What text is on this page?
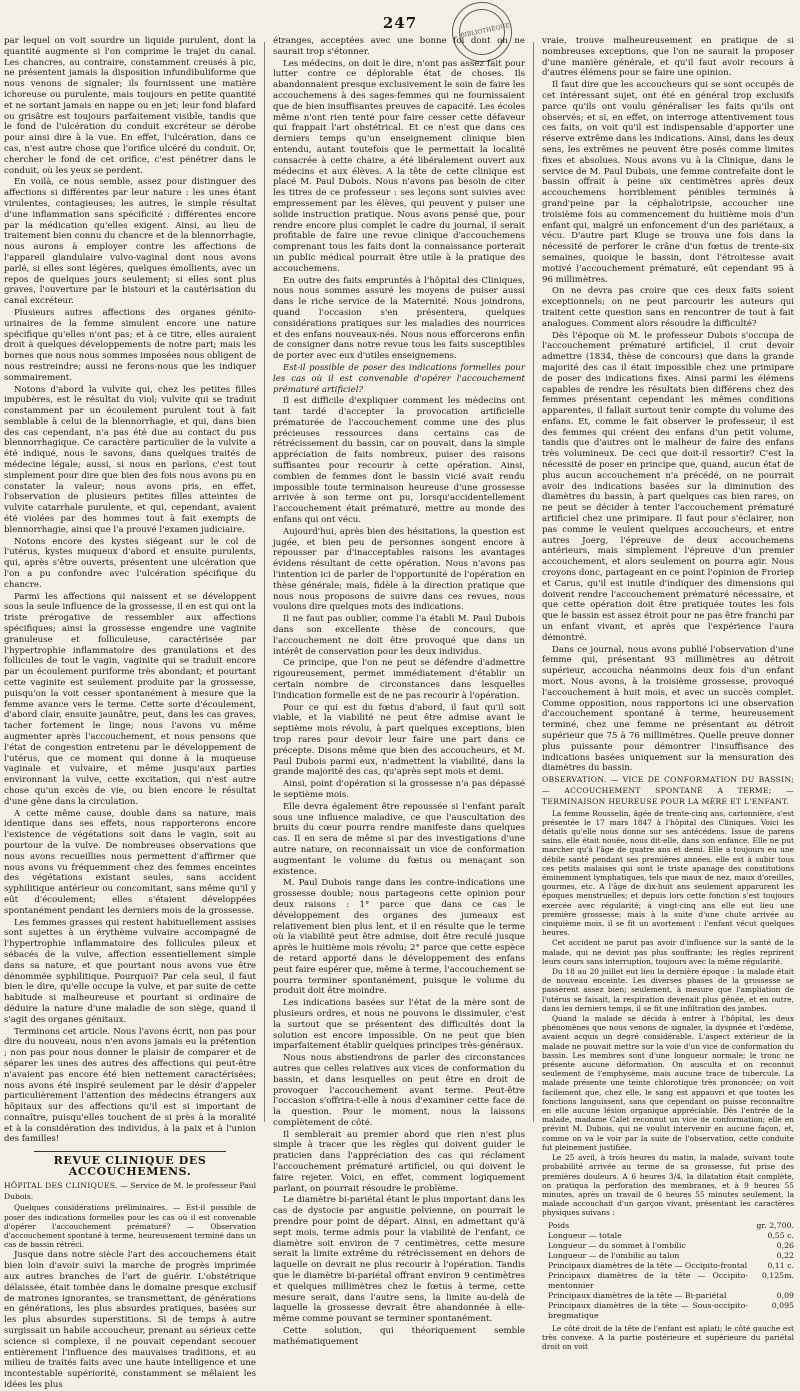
247	BIBLIOTHÈQUE

par lequel on voit sourdre un liquide purulent, dont la quantité augmente si l'on comprime le trajet du canal. Les chancres, au contraire, constamment creusés à pic, ne présentent jamais la disposition infundibuliforme que nous venons de signaler; ils fournissent une matière ichoreuse ou purulente, mais toujours en petite quantité et ne sortant jamais en nappe ou en jet; leur fond blafard ou grisâtre est toujours parfaitement visible, tandis que le fond de l'ulcération du conduit excréteur se dérobe pour ainsi dire à la vue. En effet, l'ulcération, dans ce cas, n'est autre chose que l'orifice ulcéré du conduit. Or, chercher le fond de cet orifice, c'est pénétrer dans le conduit, où les yeux se perdent.

En voilà, ce nous semble, assez pour distinguer des affections si différentes par leur nature : les unes étant virulentes, contagieuses; les autres, le simple résultat d'une inflammation sans spécificité : différentes encore par la médication qu'elles exigent. Ainsi, au lieu de traitement bien connu du chancre et de la blennorrhagie, nous aurons à employer contre les affections de l'appareil glandulaire vulvo-vaginal dont nous avons parlé, si elles sont légères, quelques émollients, avec un repos de quelques jours seulement; si elles sont plus graves, l'ouverture par le bistouri et la cautérisation du canal excréteur.

Plusieurs autres affections des organes génito-urinaires de la femme simulent encore une nature spécifique qu'elles n'ont pas; et à ce titre, elles auraient droit à quelques développements de notre part; mais les bornes que nous nous sommes imposées nous obligent de nous restreindre; aussi ne ferons-nous que les indiquer sommairement.

Notons d'abord la vulvite qui, chez les petites filles impubères, est le résultat du viol; vulvite qui se traduit constamment par un écoulement purulent tout à fait semblable à celui de la blennorrhagie, et qui, dans bien des cas cependant, n'a pas été due au contact du pus blennorrhagique. Ce caractère particulier de la vulvite a été indiqué, nous le savons, dans quelques traités de médecine légale; aussi, si nous en parlons, c'est tout simplement pour dire que bien des fois nous avons pu en constater la valeur; nous avons pris, en effet, l'observation de plusieurs petites filles atteintes de vulvite catarrhale purulente, et qui, cependant, avaient été violées par des hommes tout à fait exempts de blennorrhagie, ainsi que l'a prouvé l'examen judiciaire.

Notons encore des kystes siégeant sur le col de l'utérus, kystes muqueux d'abord et ensuite purulents, qui, après s'être ouverts, présentent une ulcération que l'on a pu confondre avec l'ulcération spécifique du chancre.

Parmi les affections qui naissent et se développent sous la seule influence de la grossesse, il en est qui ont la triste prérogative de ressembler aux affections spécifiques; ainsi la grossesse engendre une vaginite granuleuse et folliculeuse, caractérisée par l'hypertrophie inflammatoire des granulations et des follicules de tout le vagin, vaginite qui se traduit encore par un écoulement puriforme très abondant; et pourtant cette vaginite est seulement produite par la grossesse, puisqu'on la voit cesser spontanément à mesure que la femme avance vers le terme. Cette sorte d'écoulement, d'abord clair, ensuite jaunâtre, peut, dans les cas graves, tacher fortement le linge; nous l'avons vu même augmenter après l'accouchement, et nous pensons que l'état de congestion entretenu par le développement de l'utérus, que ce moment qui donne à la muqueuse vaginale et vulvaire, et même jusqu'aux parties environnant la vulve, cette excitation, qui n'est autre chose qu'un excès de vie, ou bien encore le résultat d'une gêne dans la circulation.

A cette même cause, double dans sa nature, mais identique dans ses effets, nous rapporterons encore l'existence de végétations soit dans le vagin, soit au pourtour de la vulve. De nombreuses observations que nous avons recueillies nous permettent d'affirmer que nous avons vu fréquemment chez des femmes enceintes des végétations existant seules, sans accident syphilitique antérieur ou concomitant, sans même qu'il y eût d'écoulement; elles s'étaient développées spontanément pendant les derniers mois de la grossesse.

Les femmes grasses qui restent habituellement assises sont sujettes à un érythème vulvaire accompagné de l'hypertrophie inflammatoire des follicules pileux et sébacés de la vulve, affection essentiellement simple dans sa nature, et que pourtant nous avons vue être dénommée syphilitique. Pourquoi? Par cela seul, il faut bien le dire, qu'elle occupe la vulve, et par suite de cette habitude si malheureuse et pourtant si ordinaire de déduire la nature d'une maladie de son siège, quand il s'agit des organes génitaux.

Terminons cet article. Nous l'avons écrit, non pas pour dire du nouveau, nous n'en avons jamais eu la prétention ; non pas pour nous donner le plaisir de comparer et de séparer les unes des autres des affections qui peut-être n'avaient pas encore été bien nettement caractérisées; nous avons été inspiré seulement par le désir d'appeler particulièrement l'attention des médecins étrangers aux hôpitaux sur des affections qu'il est si important de connaître, puisqu'elles touchent de si près à la moralité et à la considération des individus, à la paix et à l'union des familles!

REVUE CLINIQUE DES ACCOUCHEMENS.

HÔPITAL DES CLINIQUES. — Service de M. le professeur Paul Dubois.

Quelques considérations préliminaires. — Est-il possible de poser des indications formelles pour les cas où il est convenable d'opérer l'accouchement prématuré? — Observation d'accouchement spontané à terme, heureusement terminé dans un cas de bassin rétréci.

Jusque dans notre siècle l'art des accouchemens était bien loin d'avoir suivi la marche de progrès imprimée aux autres branches de l'art de guérir. L'obstétrique délaissée, était tombée dans le domaine presque exclusif de matrones ignorantes, se transmettant, de générations en générations, les plus absurdes pratiques, basées sur les plus absurdes superstitions. Si de temps à autre surgissait un habile accoucheur, prenant au sérieux cette science si complexe, il ne pouvait cependant secouer entièrement l'influence des mauvaises traditions, et au milieu de traités faits avec une haute intelligence et une incontestable supériorité, constamment se mêlaient les idées les plus

étranges, acceptées avec une bonne foi dont on ne saurait trop s'étonner.

Les médecins, on doit le dire, n'ont pas assez fait pour lutter contre ce déplorable état de choses. Ils abandonnaient presque exclusivement le soin de faire les accouchemens à des sages-femmes qui ne fournissaient que de bien insuffisantes preuves de capacité. Les écoles même n'ont rien tenté pour faire cesser cette défaveur qui frappait l'art obstétrical. Et ce n'est que dans ces derniers temps qu'un enseignement clinique bien entendu, autant toutefois que le permettait la localité consacrée à cette chaire, a été libéralement ouvert aux médecins et aux élèves. A la tête de cette clinique est placé M. Paul Dubois. Nous n'avons pas besoin de citer les titres de ce professeur : ses leçons sont suivies avec empressement par les élèves, qui peuvent y puiser une solide instruction pratique. Nous avons pensé que, pour rendre encore plus complet le cadre du journal, il serait profitable de faire une revue clinique d'accouchemens comprenant tous les faits dont la connaissance porterait un public médical pourrait être utile à la pratique des accouchemens.

En outre des faits empruntés à l'hôpital des Cliniques, nous nous sommes assuré les moyens de puiser aussi dans le riche service de la Maternité. Nous joindrons, quand l'occasion s'en présentera, quelques considérations pratiques sur les maladies des nourrices et des enfans nouveaux-nés. Nous nous efforcerons enfin de consigner dans notre revue tous les faits susceptibles de porter avec eux d'utiles enseignemens.

Est-il possible de poser des indications formelles pour les cas où il est convenable d'opérer l'accouchement prématuré artificiel?

Il est difficile d'expliquer comment les médecins ont tant tardé d'accepter la provocation artificielle prématurée de l'accouchement comme une des plus précieuses ressources dans certains cas de rétrécissement du bassin, car on pouvait, dans la simple appréciation de faits nombreux, puiser des raisons suffisantes pour recourir à cette opération. Ainsi, combien de femmes dont le bassin vicié avait rendu impossible toute terminaison heureuse d'une grossesse arrivée à son terme ont pu, lorsqu'accidentellement l'accouchement était prématuré, mettre au monde des enfans qui ont vécu.

Aujourd'hui, après bien des hésitations, la question est jugée, et bien peu de personnes songent encore à repousser par d'inacceptables raisons les avantages évidens résultant de cette opération. Nous n'avons pas l'intention ici de parler de l'opportunité de l'opération en thèse générale; mais, fidèle à la direction pratique que nous nous proposons de suivre dans ces revues, nous voulons dire quelques mots des indications.

Il ne faut pas oublier, comme l'a établi M. Paul Dubois dans son excellente thèse de concours, que l'accouchement ne doit être provoqué que dans un intérêt de conservation pour les deux individus.

Ce principe, que l'on ne peut se défendre d'admettre rigoureusement, permet immédiatement d'établir un certain nombre de circonstances dans lesquelles l'indication formelle est de ne pas recourir à l'opération.

Pour ce qui est du fœtus d'abord, il faut qu'il soit viable, et la viabilité ne peut être admise avant le septième mois révolu, à part quelques exceptions, bien trop rares pour devoir leur faire une part dans ce précepte. Disons même que bien des accoucheurs, et M. Paul Dubois parmi eux, n'admettent la viabilité, dans la grande majorité des cas, qu'après sept mois et demi.

Ainsi, point d'opération si la grossesse n'a pas dépassé le septième mois.

Elle devra également être repoussée si l'enfant paraît sous une influence maladive, ce que l'auscultation des bruits du cœur pourra rendre manifeste dans quelques cas. Il en sera de même si par des investigations d'une autre nature, on reconnaissait un vice de conformation augmentant le volume du fœtus ou menaçant son existence.

M. Paul Dubois range dans les contre-indications une grossesse double; nous partageons cette opinion pour deux raisons : 1° parce que dans ce cas le développement des organes des jumeaux est relativement bien plus lent, et il en résulte que le terme où la viabilité peut être admise, doit être reculé jusque après le huitième mois révolu; 2° parce que cette espèce de retard apporté dans le développement des enfans peut faire espérer que, même à terme, l'accouchement se pourra terminer spontanément, puisque le volume du produit doit être moindre.

Les indications basées sur l'état de la mère sont de plusieurs ordres, et nous ne pouvons le dissimuler, c'est la surtout que se présentent des difficultés dont la solution est encore impossible. On ne peut que bien imparfaitement établir quelques principes très-généraux.

Nous nous abstiendrons de parler des circonstances autres que celles relatives aux vices de conformation du bassin, et dans lesquelles on peut être en droit de provoquer l'accouchement avant terme. Peut-être l'occasion s'offrira-t-elle à nous d'examiner cette face de la question. Pour le moment, nous la laissons complètement de côté.

Il semblerait au premier abord que rien n'est plus simple à tracer que les règles qui doivent guider le praticien dans l'appréciation des cas qui réclament l'accouchement prématuré artificiel, ou qui doivent le faire rejeter. Voici, en effet, comment logiquement parlant, on pourrait résoudre le problème.

Le diamètre bi-pariétal étant le plus important dans les cas de dystocie par angustie pelvienne, on pourrait le prendre pour point de départ. Ainsi, en admettant qu'à sept mois, terme admis pour la viabilité de l'enfant, ce diamètre soit environ de 7 centimètres, cette mesure serait la limite extrême du rétrécissement en dehors de laquelle on devrait ne plus recourir à l'opération. Tandis que le diamètre bi-pariétal offrant environ 9 centimètres et quelques millimètres chez le fœtus à terme, cette mesure serait, dans l'autre sens, la limite au-delà de laquelle la grossesse devrait être abandonnée à elle-même comme pouvant se terminer spontanément.

Cette solution, qui théoriquement semble mathématiquement

vraie, trouve malheureusement en pratique de si nombreuses exceptions, que l'on ne saurait la proposer d'une manière générale, et qu'il faut avoir recours à d'autres élémens pour se faire une opinion.

Il faut dire que les accoucheurs qui se sont occupés de cet intéressant sujet, ont été en général trop exclusifs parce qu'ils ont voulu généraliser les faits qu'ils ont observés; et si, en effet, on interroge attentivement tous ces faits, on voit qu'il est indispensable d'apporter une réserve extrême dans les indications. Ainsi, dans les deux sens, les extrêmes ne peuvent être posés comme limites fixes et absolues. Nous avons vu à la Clinique, dans le service de M. Paul Dubois, une femme contrefaite dont le bassin offrait à peine six centimètres après deux accouchemens horriblement pénibles terminés à grand'peine par la céphalotripsie, accoucher une troisième fois au commencement du huitième mois d'un enfant qui, malgré un enfoncement d'un des pariétaux, a vécu. D'autre part Kluge se trouva une fois dans la nécessité de perforer le crâne d'un fœtus de trente-six semaines, quoique le bassin, dont l'étroitesse avait motivé l'accouchement prématuré, eût cependant 95 à 96 millimètres.

On ne devra pas croire que ces deux faits soient exceptionnels; on ne peut parcourir les auteurs qui traitent cette question sans en rencontrer de tout à fait analogues. Comment alors résoudre la difficulté?

Dès l'époque où M. le professeur Dubois s'occupa de l'accouchement prématuré artificiel, il crut devoir admettre (1834, thèse de concours) que dans la grande majorité des cas il était impossible chez une primipare de poser des indications fixes. Ainsi parmi les élémens capables de rendre les résultats bien différens chez des femmes présentant cependant les mêmes conditions apparentes, il fallait surtout tenir compte du volume des enfans. Et, comme le fait observer le professeur, il est des femmes qui créent des enfans d'un petit volume, tandis que d'autres ont le malheur de faire des enfans très volumineux. De ceci que doit-il ressortir? C'est la nécessité de poser en principe que, quand, aucun état de plus aucun accouchement n'a précédé, on ne pourrait avoir des indications basées sur la diminution des diamètres du bassin, à part quelques cas bien rares, on ne peut se décider à tenter l'accouchement prématuré artificiel chez une primipare. Il faut pour s'éclairer, non pas comme le veulent quelques accoucheurs, et entre autres Joerg, l'épreuve de deux accouchemens antérieurs, mais simplement l'épreuve d'un premier accouchement, et alors seulement on pourra agir. Nous croyons donc, partageant en ce point l'opinion de Froriep et Carus, qu'il est inutile d'indiquer des dimensions qui doivent rendre l'accouchement prématuré nécessaire, et que cette opération doit être pratiquée toutes les fois que le bassin est assez étroit pour ne pas être franchi par un enfant vivant, et après que l'expérience l'aura démontré.

Dans ce journal, nous avons publié l'observation d'une femme qui, présentant 93 millimètres au détroit supérieur, accoucha néanmoins deux fois d'un enfant mort. Nous avons, à la troisième grossesse, provoqué l'accouchement à huit mois, et avec un succès complet. Comme opposition, nous rapportons ici une observation d'accouchement spontané à terme, heureusement terminé, chez une femme ne présentant au détroit supérieur que 75 à 76 millimètres. Quelle preuve donner plus puissante pour démontrer l'insuffisance des indications basées uniquement sur la mensuration des diamètres du bassin.

OBSERVATION. — VICE DE CONFORMATION DU BASSIN; — ACCOUCHEMENT SPONTANÉ A TERME; — TERMINAISON HEUREUSE POUR LA MÈRE ET L'ENFANT.

La femme Rousselin, âgée de trente-cinq ans, cartonnière, s'est présentée le 17 mars 1847 à l'hôpital des Cliniques. Voici les détails qu'elle nous donne sur ses antécédens. Issue de parens sains, elle était nouée, nous dit-elle, dans son enfance. Elle ne put marcher qu'à l'âge de quatre ans et demi. Elle a toujours eu une débile santé pendant ses premières années, elle est à subir tous ces petits malaises qui sont le triste apanage des constitutions éminemment lymphatiques, tels que maux de nez, maux d'oreilles, gourmes, etc. A l'âge de dix-huit ans seulement apparurent les époques menstruelles; et depuis lors cette fonction s'est toujours exercée avec régularité; à vingt-cinq ans elle eut lieu une première grossesse; mais à la suite d'une chute arrivée au cinquième mois, il se fit un avortement : l'enfant vécut quelques heures.

Cet accident ne parut pas avoir d'influence sur la santé de la malade, qui ne devint pas plus souffrante; les règles reprirent leurs cours sans interruption, toujours avec la même régularité.

Du 18 au 20 juillet eut lieu la dernière époque : la malade était de nouveau enceinte. Les diverses phases de la grossesse se passèrent assez bien; seulement, à mesure que l'ampliation de l'utérus se faisait, la respiration devenait plus gênée, et en outre, dans les derniers temps, il se fit une infiltration des jambes.

Quand la malade se décida à entrer à l'hôpital, les deux phénomènes que nous venons de signaler, la dyspnée et l'œdème, avaient acquis un degré considérable. L'aspect extérieur de la malade ne pouvait mettre sur la voie d'un vice de conformation du bassin. Les membres sont d'une longueur normale; le tronc ne présente aucune déformation. On ausculta et on reconnut seulement de l'emphysème, mais aucune trace de tubercule. La malade présente une teinte chlorotique très prononcée; on voit facilement que, chez elle, le sang est appauvri et que toutes les fonctions languissent, sans que cependant on puisse reconnaître en elle aucune lésion organique appréciable. Dès l'entrée de la malade, madame Calet reconnut un vice de conformation; elle en prévint M. Dubois, qui ne voulut intervenir en aucune façon, et, comme on va le voir par la suite de l'observation, cette conduite fut pleinement justifiée.

Le 25 avril, à trois heures du matin, la malade, suivant toute probabilité arrivée au terme de sa grossesse, fut prise des premières douleurs. A 6 heures 3/4, la dilatation était complète, on pratiqua la perforation des membranes, et à 9 heures 55 minutes, après un travail de 6 heures 55 minutes seulement, la malade accouchait d'un garçon vivant, présentant les caractères physiques suivans :

Poids	gr. 2,700.
Longueur — totale	0,55 c.
Longueur — du sommet à l'ombilic	0,26
Longueur — de l'ombilic au talon	0,22
Principaux diamètres de la tête — Occipito-frontal	0,11 c.
Principaux diamètres de la tête — Occipito-mentonnier
0,125m.
Principaux diamètres de la tête — Bi-pariétal	0,09
Principaux diamètres de la tête — Sous-occipito-bregmatique
0,095

Le côté droit de la tête de l'enfant est aplati; le côté gauche est très convexe. A la partie postérieure et supérieure du pariétal droit on voit
